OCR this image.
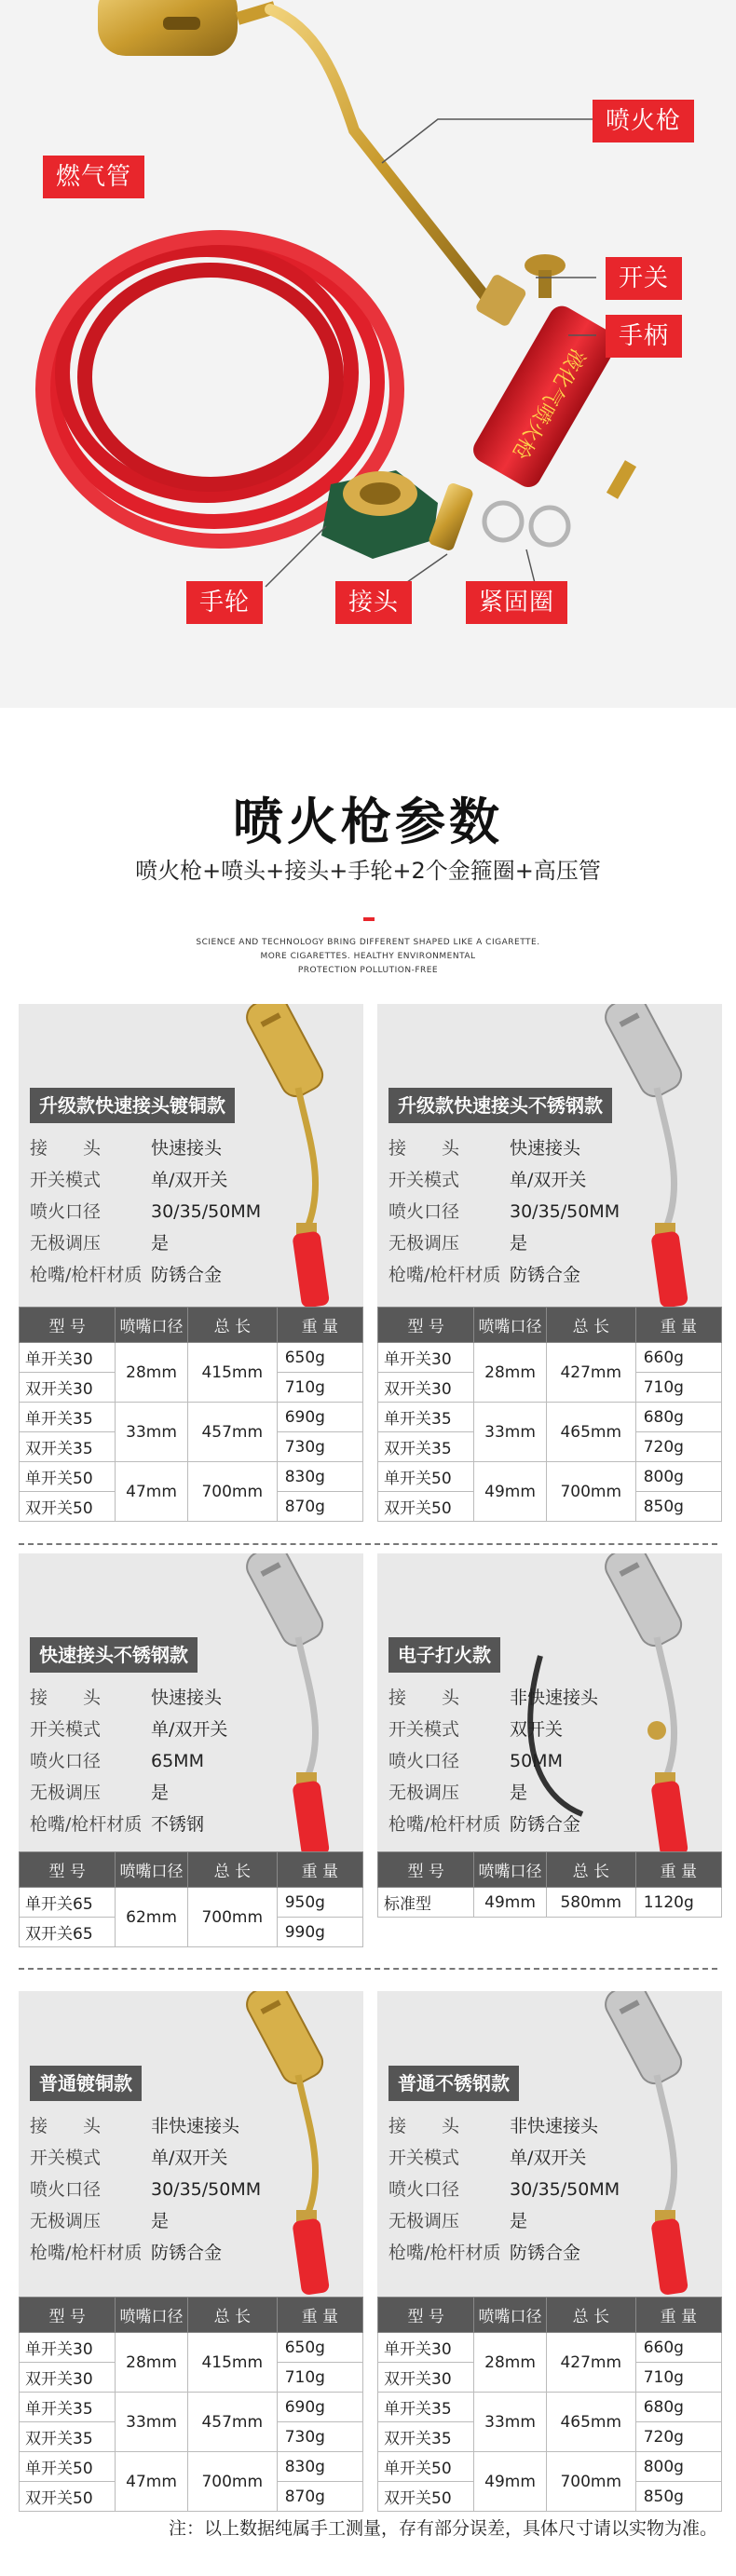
液化气喷火枪
燃气管
喷火枪
开关
手柄
手轮	接头	紧固圈
喷火枪参数
喷火枪+喷头+接头+手轮+2个金箍圈+高压管
SCIENCE AND TECHNOLOGY BRING DIFFERENT SHAPED LIKE A CIGARETTE.
MORE CIGARETTES. HEALTHY ENVIRONMENTAL
PROTECTION POLLUTION-FREE
升级款快速接头镀铜款
接　　头	快速接头
开关模式	单/双开关
喷火口径	30/35/50MM
无极调压	是
枪嘴/枪杆材质 防锈合金
型 号	喷嘴口径	总 长	重 量
单开关30	28mm	415mm	650g
双开关30			710g
单开关35	33mm	457mm	690g
双开关35			730g
单开关50	47mm	700mm	830g
双开关50			870g
升级款快速接头不锈钢款
接　　头	快速接头
开关模式	单/双开关
喷火口径	30/35/50MM
无极调压	是
枪嘴/枪杆材质 防锈合金
型 号	喷嘴口径	总 长	重 量
单开关30	28mm	427mm	660g
双开关30			710g
单开关35	33mm	465mm	680g
双开关35			720g
单开关50	49mm	700mm	800g
双开关50			850g
快速接头不锈钢款
接　　头	快速接头
开关模式	单/双开关
喷火口径	65MM
无极调压	是
枪嘴/枪杆材质 不锈钢
型 号	喷嘴口径	总 长	重 量
单开关65	62mm	700mm	950g
双开关65			990g
电子打火款
接　　头	非快速接头
开关模式	双开关
喷火口径	50MM
无极调压	是
枪嘴/枪杆材质 防锈合金
型 号	喷嘴口径	总 长	重 量
标准型	49mm	580mm	1120g
普通镀铜款
接　　头	非快速接头
开关模式	单/双开关
喷火口径	30/35/50MM
无极调压	是
枪嘴/枪杆材质 防锈合金
型 号	喷嘴口径	总 长	重 量
单开关30	28mm	415mm	650g
双开关30			710g
单开关35	33mm	457mm	690g
双开关35			730g
单开关50	47mm	700mm	830g
双开关50			870g
普通不锈钢款
接　　头	非快速接头
开关模式	单/双开关
喷火口径	30/35/50MM
无极调压	是
枪嘴/枪杆材质 防锈合金
型 号	喷嘴口径	总 长	重 量
单开关30	28mm	427mm	660g
双开关30			710g
单开关35	33mm	465mm	680g
双开关35			720g
单开关50	49mm	700mm	800g
双开关50			850g
注：以上数据纯属手工测量，存有部分误差，具体尺寸请以实物为准。
